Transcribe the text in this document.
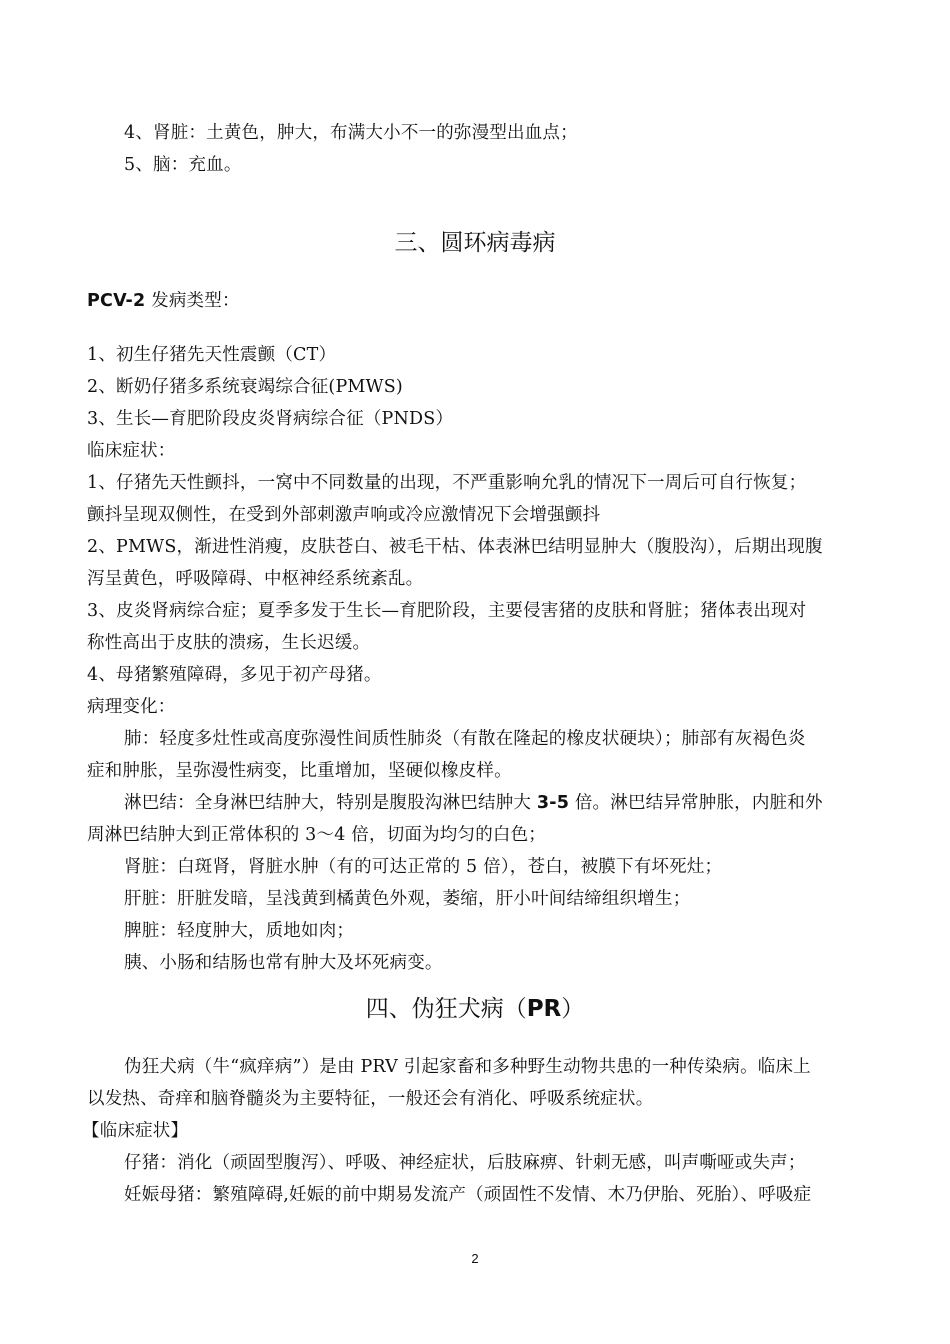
4、肾脏：土黄色，肿大，布满大小不一的弥漫型出血点；
5、脑：充血。
三、圆环病毒病
PCV-2 发病类型：
1、初生仔猪先天性震颤（CT）
2、断奶仔猪多系统衰竭综合征(PMWS)
3、生长—育肥阶段皮炎肾病综合征（PNDS）
临床症状：
1、仔猪先天性颤抖，一窝中不同数量的出现，不严重影响允乳的情况下一周后可自行恢复；
颤抖呈现双侧性，在受到外部刺激声响或冷应激情况下会增强颤抖
2、PMWS，渐进性消瘦，皮肤苍白、被毛干枯、体表淋巴结明显肿大（腹股沟），后期出现腹
泻呈黄色，呼吸障碍、中枢神经系统紊乱。
3、皮炎肾病综合症；夏季多发于生长—育肥阶段，主要侵害猪的皮肤和肾脏；猪体表出现对
称性高出于皮肤的溃疡，生长迟缓。
4、母猪繁殖障碍，多见于初产母猪。
病理变化：
肺：轻度多灶性或高度弥漫性间质性肺炎（有散在隆起的橡皮状硬块）；肺部有灰褐色炎
症和肿胀，呈弥漫性病变，比重增加，坚硬似橡皮样。
淋巴结：全身淋巴结肿大，特别是腹股沟淋巴结肿大 3-5 倍。淋巴结异常肿胀，内脏和外
周淋巴结肿大到正常体积的 3～4 倍，切面为均匀的白色；
肾脏：白斑肾，肾脏水肿（有的可达正常的 5 倍），苍白，被膜下有坏死灶；
肝脏：肝脏发暗，呈浅黄到橘黄色外观，萎缩，肝小叶间结缔组织增生；
脾脏：轻度肿大，质地如肉；
胰、小肠和结肠也常有肿大及坏死病变。
四、伪狂犬病（PR）
伪狂犬病（牛“疯痒病”）是由 PRV 引起家畜和多种野生动物共患的一种传染病。临床上
以发热、奇痒和脑脊髓炎为主要特征，一般还会有消化、呼吸系统症状。
【临床症状】
仔猪：消化（顽固型腹泻）、呼吸、神经症状，后肢麻痹、针刺无感，叫声嘶哑或失声；
妊娠母猪：繁殖障碍,妊娠的前中期易发流产（顽固性不发情、木乃伊胎、死胎）、呼吸症
2
